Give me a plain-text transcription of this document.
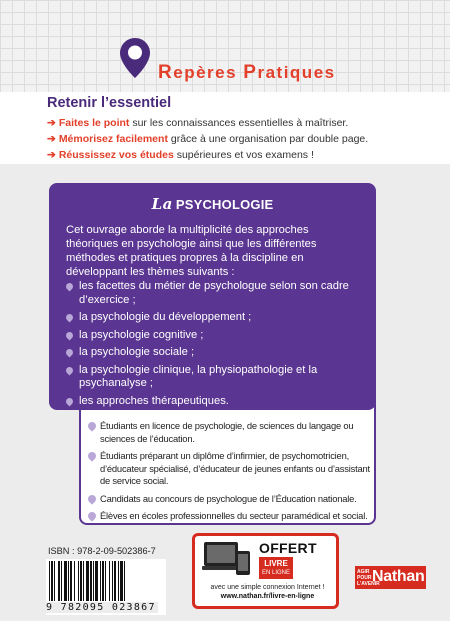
Repères Pratiques
Retenir l’essentiel
➔ Faites le point sur les connaissances essentielles à maîtriser.
➔ Mémorisez facilement grâce à une organisation par double page.
➔ Réussissez vos études supérieures et vos examens !
Étudiants en licence de psychologie, de sciences du langage ou sciences de l’éducation.
Étudiants préparant un diplôme d’infirmier, de psychomotricien, d’éducateur spécialisé, d’éducateur de jeunes enfants ou d’assistant de service social.
Candidats au concours de psychologue de l’Éducation nationale.
Élèves en écoles professionnelles du secteur paramédical et social.
La PSYCHOLOGIE

Cet ouvrage aborde la multiplicité des approches théoriques en psychologie ainsi que les différentes méthodes et pratiques propres à la discipline en développant les thèmes suivants :

les facettes du métier de psychologue selon son cadre d’exercice ;
la psychologie du développement ;
la psychologie cognitive ;
la psychologie sociale ;
la psychologie clinique, la physiopathologie et la psychanalyse ;
les approches thérapeutiques.
ISBN : 978-2-09-502386-7
9 782095 023867
OFFERT
LIVRE
EN LIGNE
avec une simple connexion Internet !
www.nathan.fr/livre-en-ligne
AGIR POUR L'AVENIR
Nathan
